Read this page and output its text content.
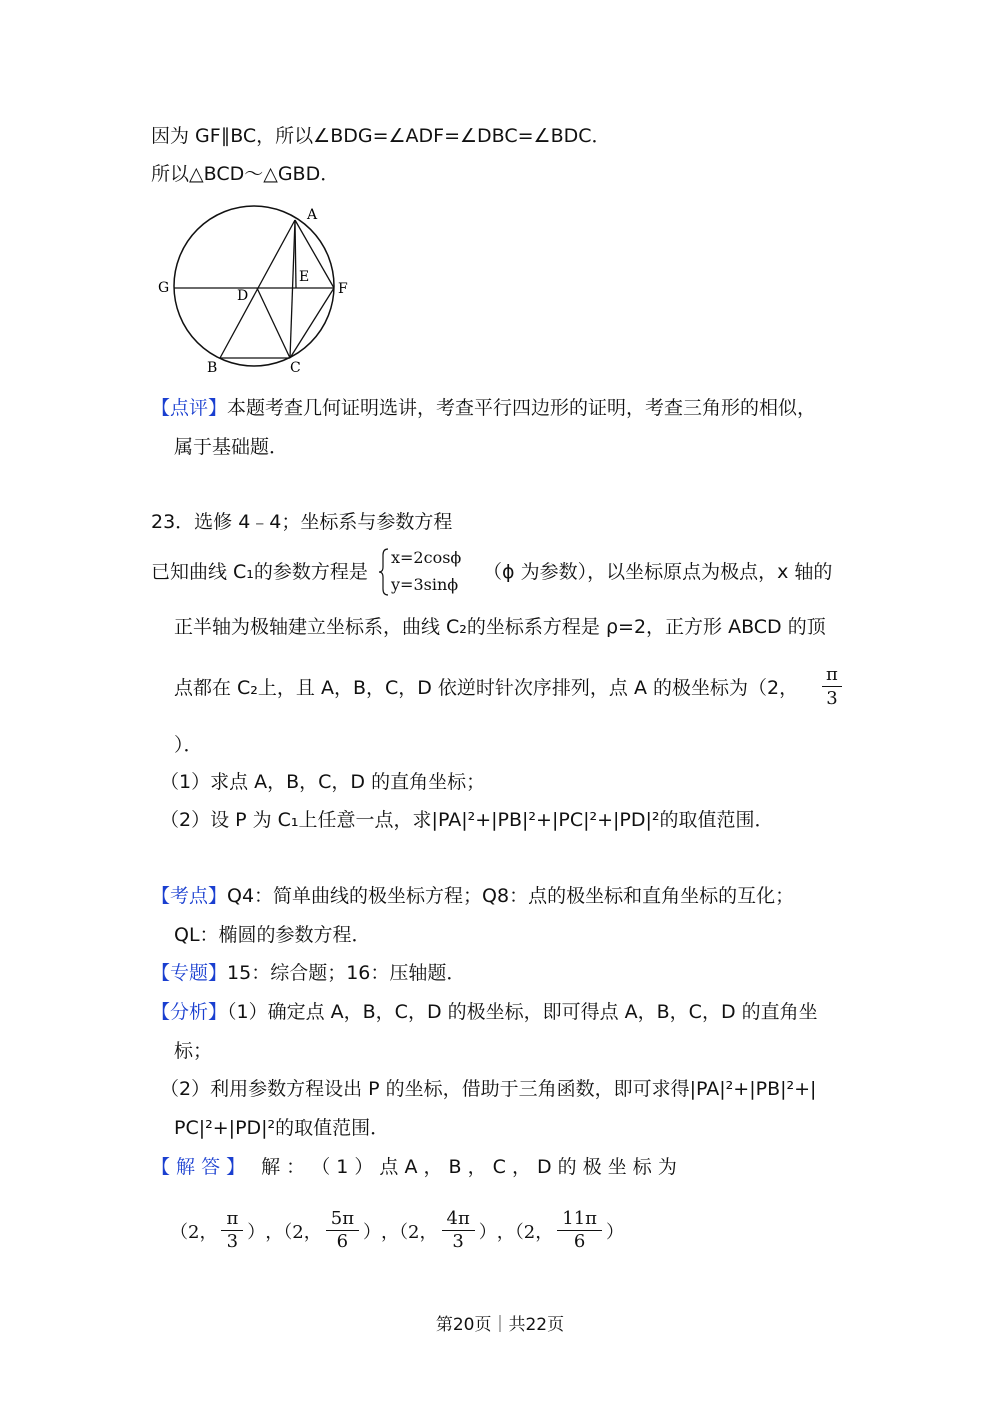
因为 GF∥BC，所以∠BDG=∠ADF=∠DBC=∠BDC．
所以△BCD～△GBD．
A
E
F
G	D
B	C
【点评】本题考查几何证明选讲，考查平行四边形的证明，考查三角形的相似，
属于基础题．
23．选修 4﹣4；坐标系与参数方程
已知曲线 C₁的参数方程是
x=2cosϕ
y=3sinϕ
（ϕ 为参数），以坐标原点为极点，x 轴的
正半轴为极轴建立坐标系，曲线 C₂的坐标系方程是 ρ=2，正方形 ABCD 的顶
点都在 C₂上，且 A，B，C，D 依逆时针次序排列，点 A 的极坐标为（2， $\frac{\pi}{3}$
）．
（1）求点 A，B，C，D 的直角坐标；
（2）设 P 为 C₁上任意一点，求|PA|²+|PB|²+|PC|²+|PD|²的取值范围．
【考点】Q4：简单曲线的极坐标方程；Q8：点的极坐标和直角坐标的互化；
QL：椭圆的参数方程．
【专题】15：综合题；16：压轴题．
【分析】（1）确定点 A，B，C，D 的极坐标，即可得点 A，B，C，D 的直角坐
标；
（2）利用参数方程设出 P 的坐标，借助于三角函数，即可求得|PA|²+|PB|²+|
PC|²+|PD|²的取值范围．
【 解 答 】 解 ： （ 1 ） 点 A ， B ， C ， D 的 极 坐 标 为
（2， $\frac{\pi}{3}$ ） ，（2， $\frac{5\pi}{6}$ ） ，（2， $\frac{4\pi}{3}$ ） ，（2， $\frac{11\pi}{6}$ ）
第20页｜共22页
